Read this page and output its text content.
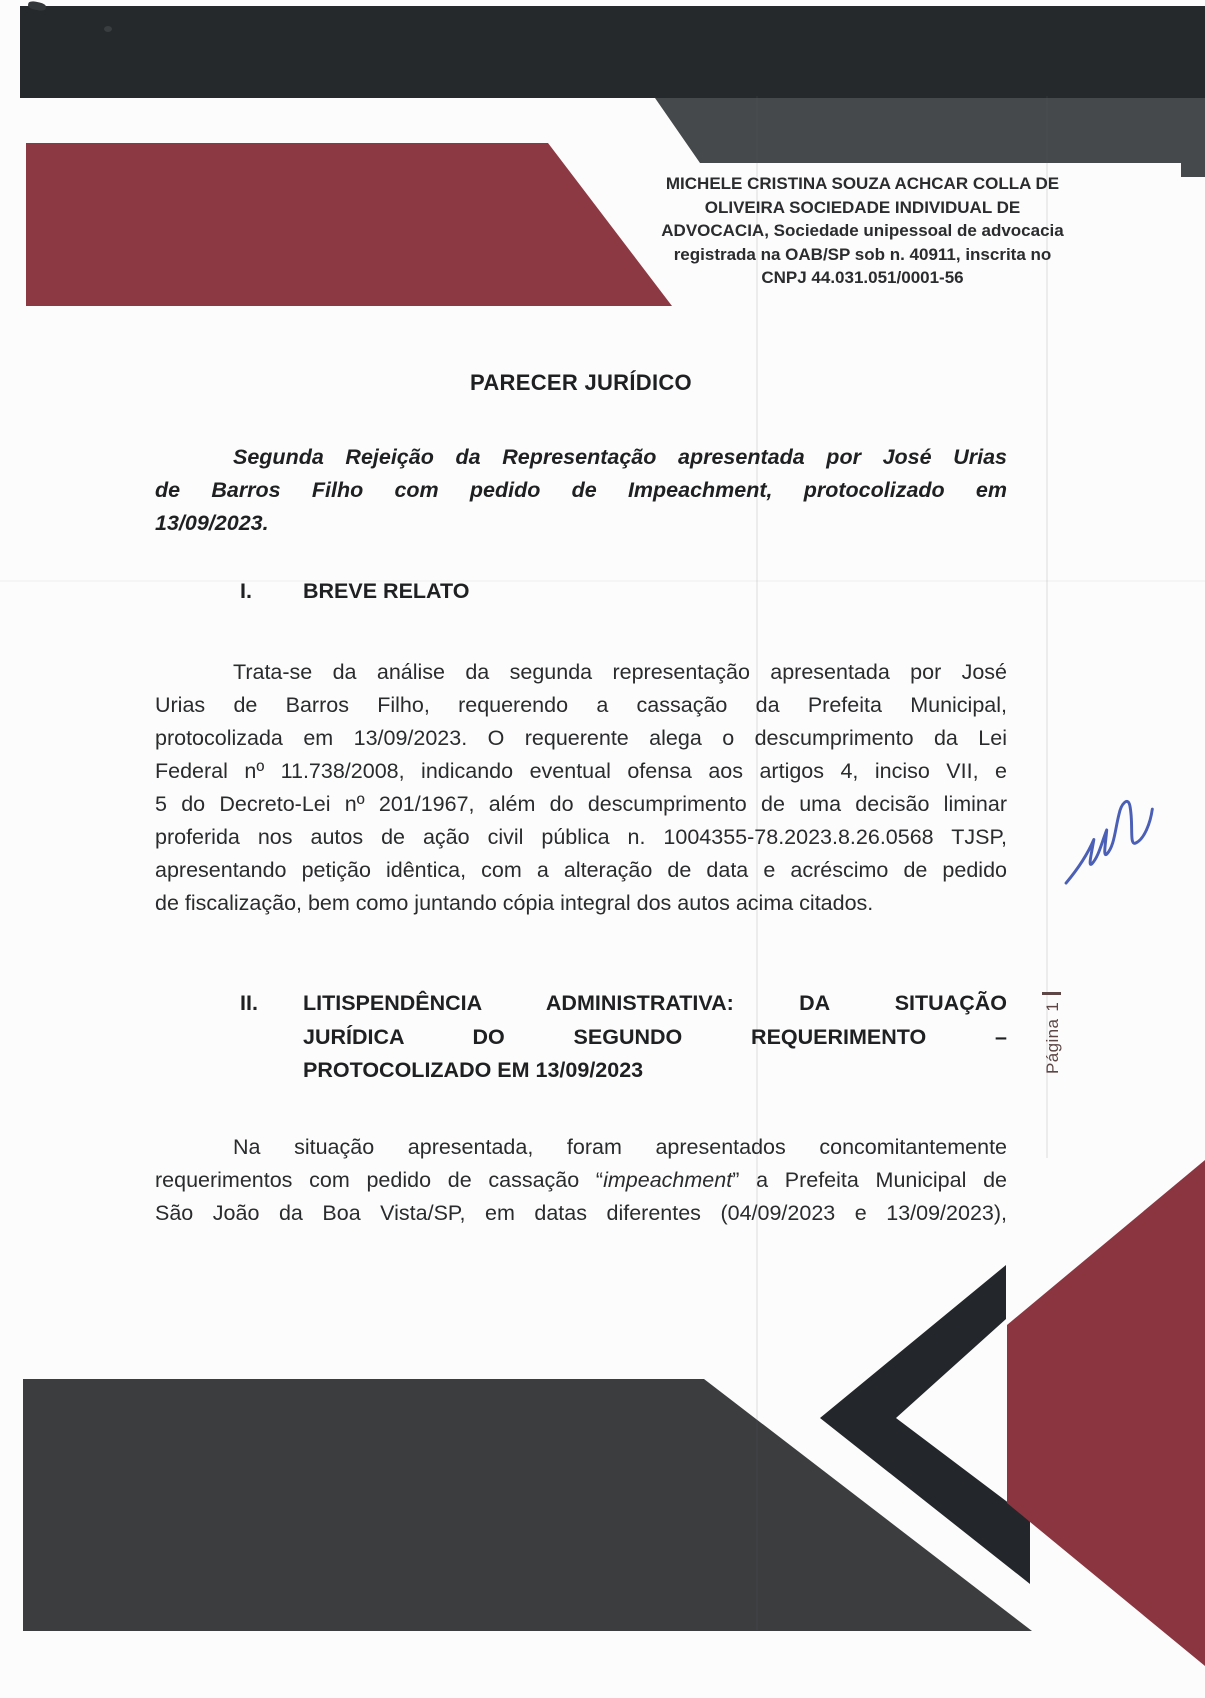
MICHELE CRISTINA SOUZA ACHCAR COLLA DE
OLIVEIRA SOCIEDADE INDIVIDUAL DE
ADVOCACIA, Sociedade unipessoal de advocacia
registrada na OAB/SP sob n. 40911, inscrita no
CNPJ 44.031.051/0001-56
PARECER JURÍDICO
Segunda Rejeição da Representação apresentada por José Urias
de Barros Filho com pedido de Impeachment, protocolizado em
13/09/2023.
I.	BREVE RELATO
Trata-se da análise da segunda representação apresentada por José
Urias de Barros Filho, requerendo a cassação da Prefeita Municipal,
protocolizada em 13/09/2023. O requerente alega o descumprimento da Lei
Federal nº 11.738/2008, indicando eventual ofensa aos artigos 4, inciso VII, e
5 do Decreto-Lei nº 201/1967, além do descumprimento de uma decisão liminar
proferida nos autos de ação civil pública n. 1004355-78.2023.8.26.0568 TJSP,
apresentando petição idêntica, com a alteração de data e acréscimo de pedido
de fiscalização, bem como juntando cópia integral dos autos acima citados.
II.	LITISPENDÊNCIA ADMINISTRATIVA: DA SITUAÇÃO
JURÍDICA DO SEGUNDO REQUERIMENTO –
PROTOCOLIZADO EM 13/09/2023
Na situação apresentada, foram apresentados concomitantemente
requerimentos com pedido de cassação “impeachment” a Prefeita Municipal de
São João da Boa Vista/SP, em datas diferentes (04/09/2023 e 13/09/2023),
Página
1
